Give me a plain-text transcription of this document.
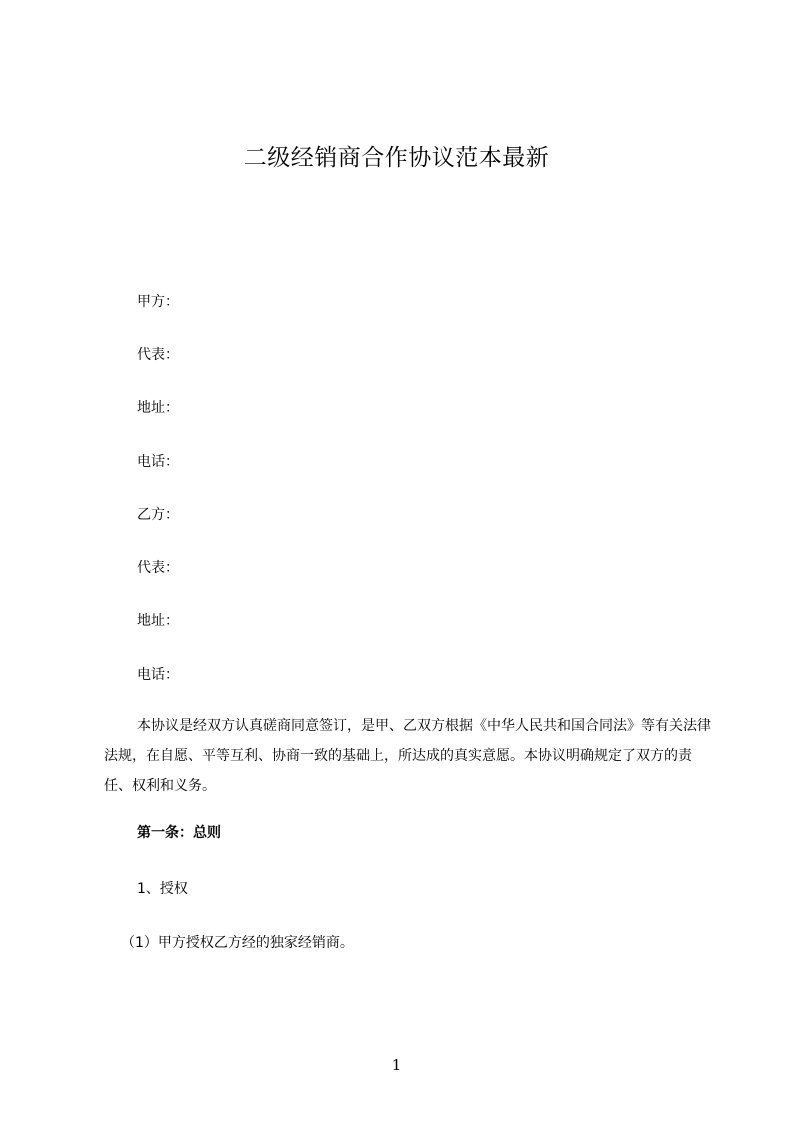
二级经销商合作协议范本最新
甲方：
代表：
地址：
电话：
乙方：
代表：
地址：
电话：
本协议是经双方认真磋商同意签订，是甲、乙双方根据《中华人民共和国合同法》等有关法律法规，在自愿、平等互利、协商一致的基础上，所达成的真实意愿。本协议明确规定了双方的责任、权利和义务。
第一条：总则
1、授权
（1）甲方授权乙方经的独家经销商。
1
